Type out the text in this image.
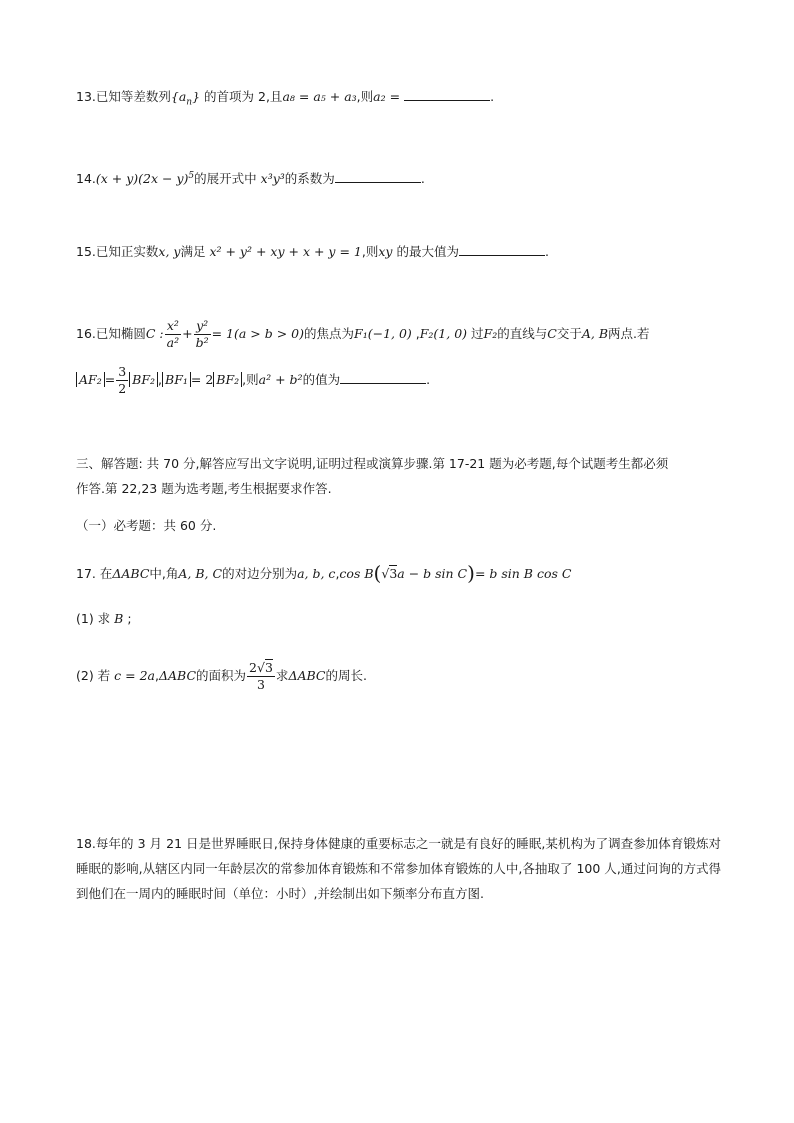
13.已知等差数列$\{a_n\}$ 的首项为 2,且a₈ = a₅ + a₃,则a₂ =	.
$14.(x + y)(2x - y)^5$的展开式中 x³y³的系数为	.
15.已知正实数x, y满足 x² + y² + xy + x + y = 1,则xy 的最大值为	.
16.已知椭圆C : $\frac{\text{x²}}{\text{a²}} + \frac{\text{y²}}{\text{b²}} = 1(a > b > 0)$的焦点为F₁(−1, 0) ,F₂(1, 0) 过F₂的直线与C交于A, B两点.若
$AF_2 = \frac{3}{2} BF_2$ , BF₁ = 2 BF₂ ,则a² + b²的值为	.
三、解答题: 共 70 分,解答应写出文字说明,证明过程或演算步骤.第 17-21 题为必考题,每个试题考生都必须
作答.第 22,23 题为选考题,考生根据要求作答.
（一）必考题：共 60 分.
17. 在ΔABC中,角A, B, C的对边分别为a, b, c,cos B(√3a − b sin C)= b sin B cos C
(1) 求 B ;
(2) 若 c = 2a,ΔABC的面积为 $\frac{2√3}{3}$ 求ΔABC的周长.
18.每年的 3 月 21 日是世界睡眠日,保持身体健康的重要标志之一就是有良好的睡眠,某机构为了调查参加体育锻炼对睡眠的影响,从辖区内同一年龄层次的常参加体育锻炼和不常参加体育锻炼的人中,各抽取了 100 人,通过问询的方式得到他们在一周内的睡眠时间（单位：小时）,并绘制出如下频率分布直方图.
